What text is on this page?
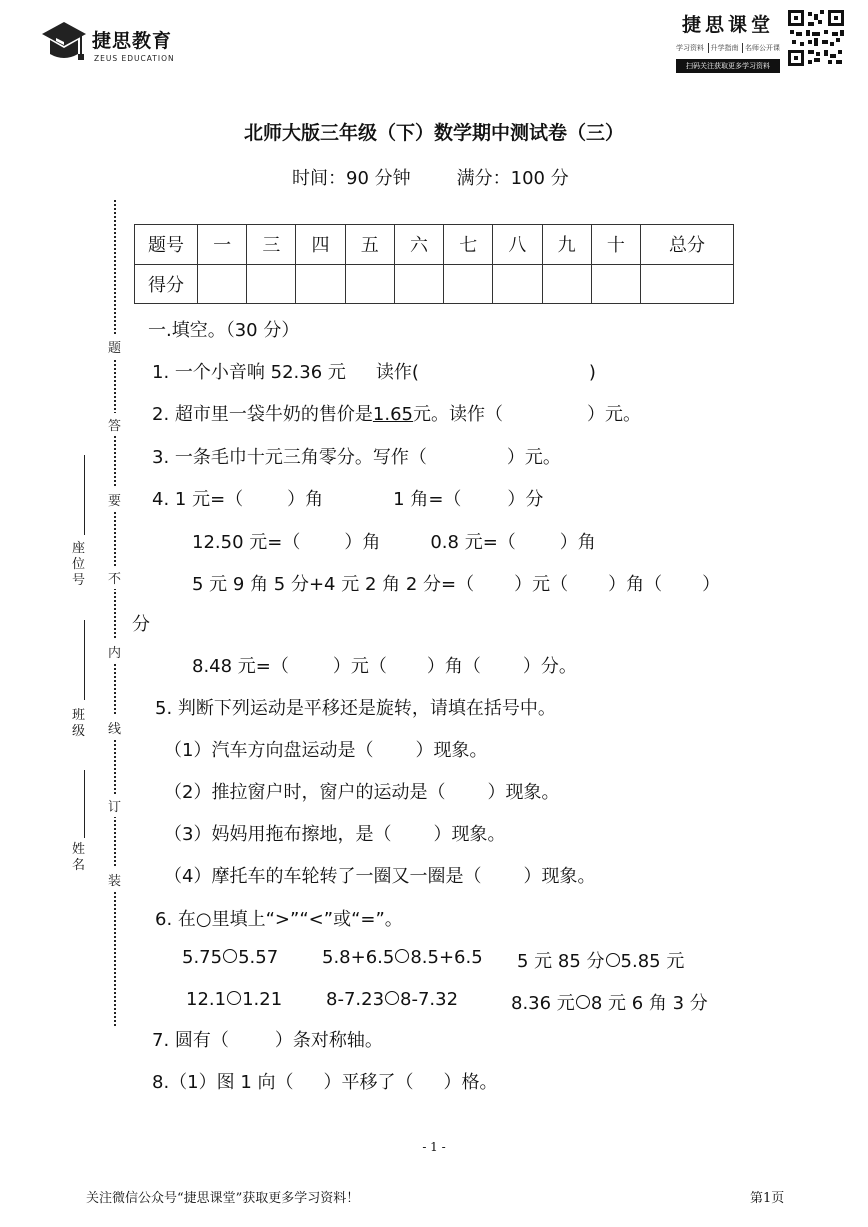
捷思教育
ZEUS EDUCATION
捷思课堂
学习资料 升学指南 名师公开课
扫码关注获取更多学习资料
北师大版三年级（下）数学期中测试卷（三）
时间：90 分钟	满分：100 分
题
答
要
不
内
线
订
装
座位号
班级
姓名
题号	一	三	四	五	六	七	八	九	十	总分
得分										
一.填空。（30 分）
1. 一个小音响 52.36 元 读作(	)
2. 超市里一袋牛奶的售价是1.65元。读作（	）元。
3. 一条毛巾十元三角零分。写作（	）元。
4. 1 元=（ ）角	1 角=（	）分
12.50 元=（ ）角	0.8 元=（ ）角
5 元 9 角 5 分+4 元 2 角 2 分=（ ）元（ ）角（ ）
分
8.48 元=（ ）元（ ）角（ ）分。
5. 判断下列运动是平移还是旋转，请填在括号中。
（1）汽车方向盘运动是（ ）现象。
（2）推拉窗户时，窗户的运动是（ ）现象。
（3）妈妈用拖布擦地，是（ ）现象。
（4）摩托车的车轮转了一圈又一圈是（ ）现象。
6. 在○里填上“>”“<”或“=”。
5.75 5.57 5.8+6.5 8.5+6.5 5 元 85 分 5.85 元
12.1 1.21 8-7.23 8-7.32	8.36 元 8 元 6 角 3 分
7. 圆有（	）条对称轴。
8.（1）图 1 向（ ）平移了（ ）格。
- 1 -
关注微信公众号“捷思课堂”获取更多学习资料！	第1页
